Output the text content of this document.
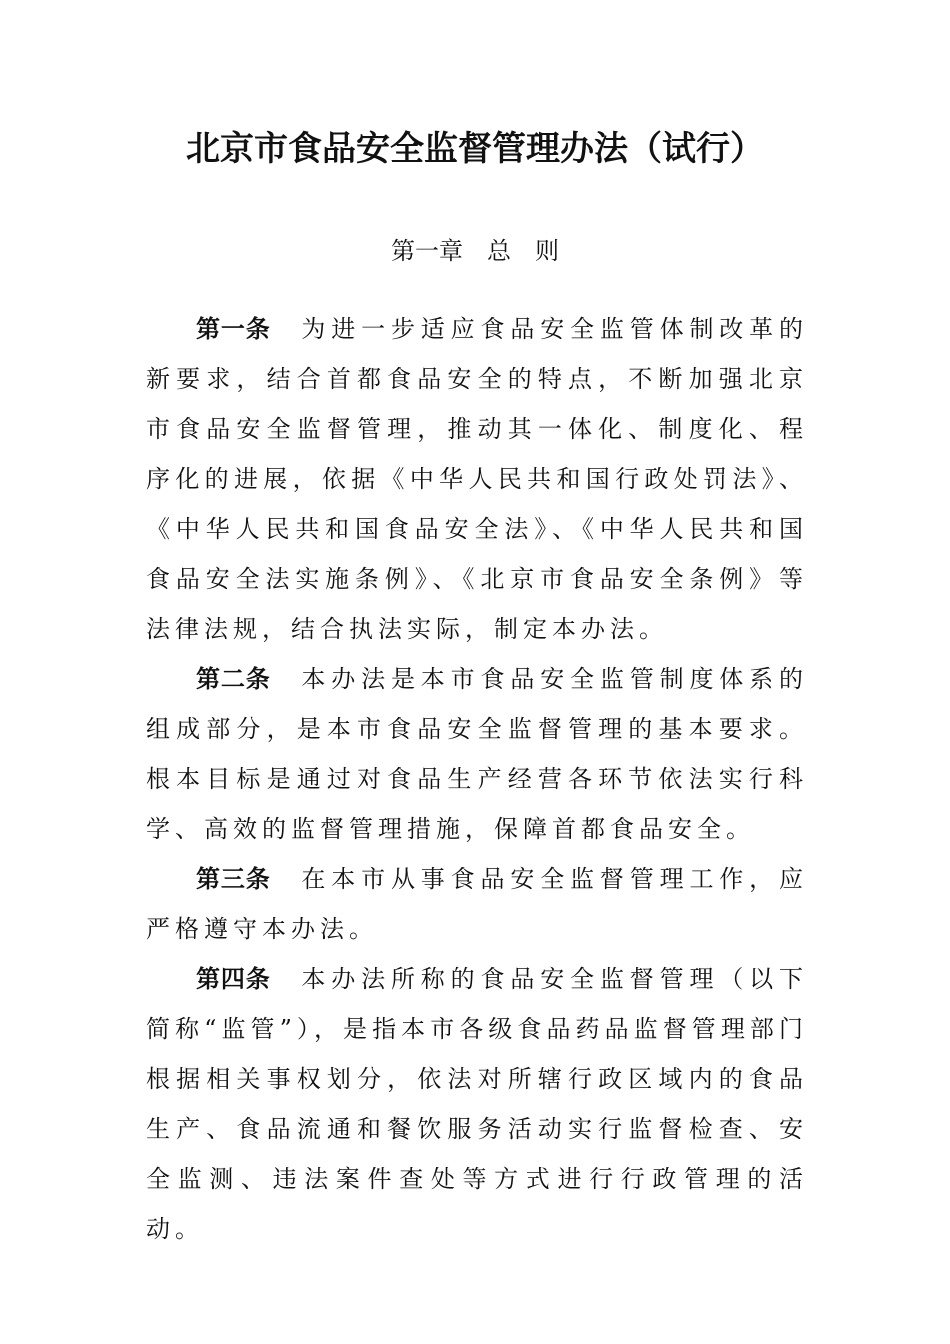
北京市食品安全监督管理办法（试行）
第一章　总　则

第一条 为进一步适应食品安全监管体制改革的新要求，结合首都食品安全的特点，不断加强北京市食品安全监督管理，推动其一体化、制度化、程序化的进展，依据《中华人民共和国行政处罚法》、《中华人民共和国食品安全法》、《中华人民共和国食品安全法实施条例》、《北京市食品安全条例》等法律法规，结合执法实际，制定本办法。

第二条 本办法是本市食品安全监管制度体系的组成部分，是本市食品安全监督管理的基本要求。根本目标是通过对食品生产经营各环节依法实行科学、高效的监督管理措施，保障首都食品安全。

第三条 在本市从事食品安全监督管理工作，应严格遵守本办法。

第四条 本办法所称的食品安全监督管理（以下简称“监管”），是指本市各级食品药品监督管理部门根据相关事权划分，依法对所辖行政区域内的食品生产、食品流通和餐饮服务活动实行监督检查、安全监测、违法案件查处等方式进行行政管理的活动。
